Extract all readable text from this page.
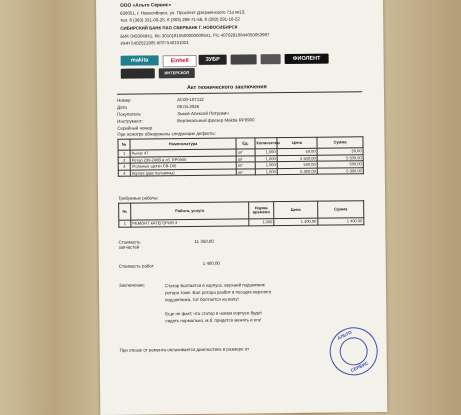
ООО «Альто Сервис»
630051, г. Новосибирск, ул. Проспект Дзержинского 71а кв13,
тел. 8 (383) 331-00-25, 8 (383) 286-71-56, 8 (383) 291-18-22
СИБИРСКИЙ БАНК ПАО СБЕРБАНК Г. НОВОСИБИРСК
БИК 045004641, К/с 30101810500000000641, Р/с 40702810844050053987
ИНН 5402521905 КПП 540101001
makita	Einhell	ЗУБР	ФИОЛЕНТ
ИНТЕРСКОЛ
Акт технического заключения
Номер	АС00-107112
Дата	06.04.2026
Покупатель	Зыков Алексей Петрович
Инструмент:	Вертикальный фрезер Makita RP0900
Серийный номер
При осмотре обнаружены следующие дефекты:
№	Номенклатура	Ед.	Количество	Цена	Сумма
1	Рычаг 47	шт	1,000	50,00	50,00
2	Ротор 230-240В в сб. RP0900	шт	1,000	5 500,00	5 500,00
3	Угольные щетки CB-106	шт	1,000	500,00	500,00
4	Корпус (две половины)	шт	1,000	5 300,00	5 300,00
Требуемые работы:
№	Работа, услуга	Норма времени	Цена	Сумма
1	РЕМОНТ КАТЕГОРИЯ 3	1,000	1 400,00	1 400,00
Стоимость запчастей
11 350,00
Стоимость работ
1 400,00
Заключение:	Статор болтается в корпусе, верхний подшипник
ротора тоже. Вал ротора разбит в посадке верхнего
подшипника, тот болтается на валу!
Еще не факт, что статор в новом корпусе будет
сидеть нормально, м.б. придется менять и его!
При отказе от ремонта оплачивается диагностика в размере от
АЛЬТО
СЕРВИС
